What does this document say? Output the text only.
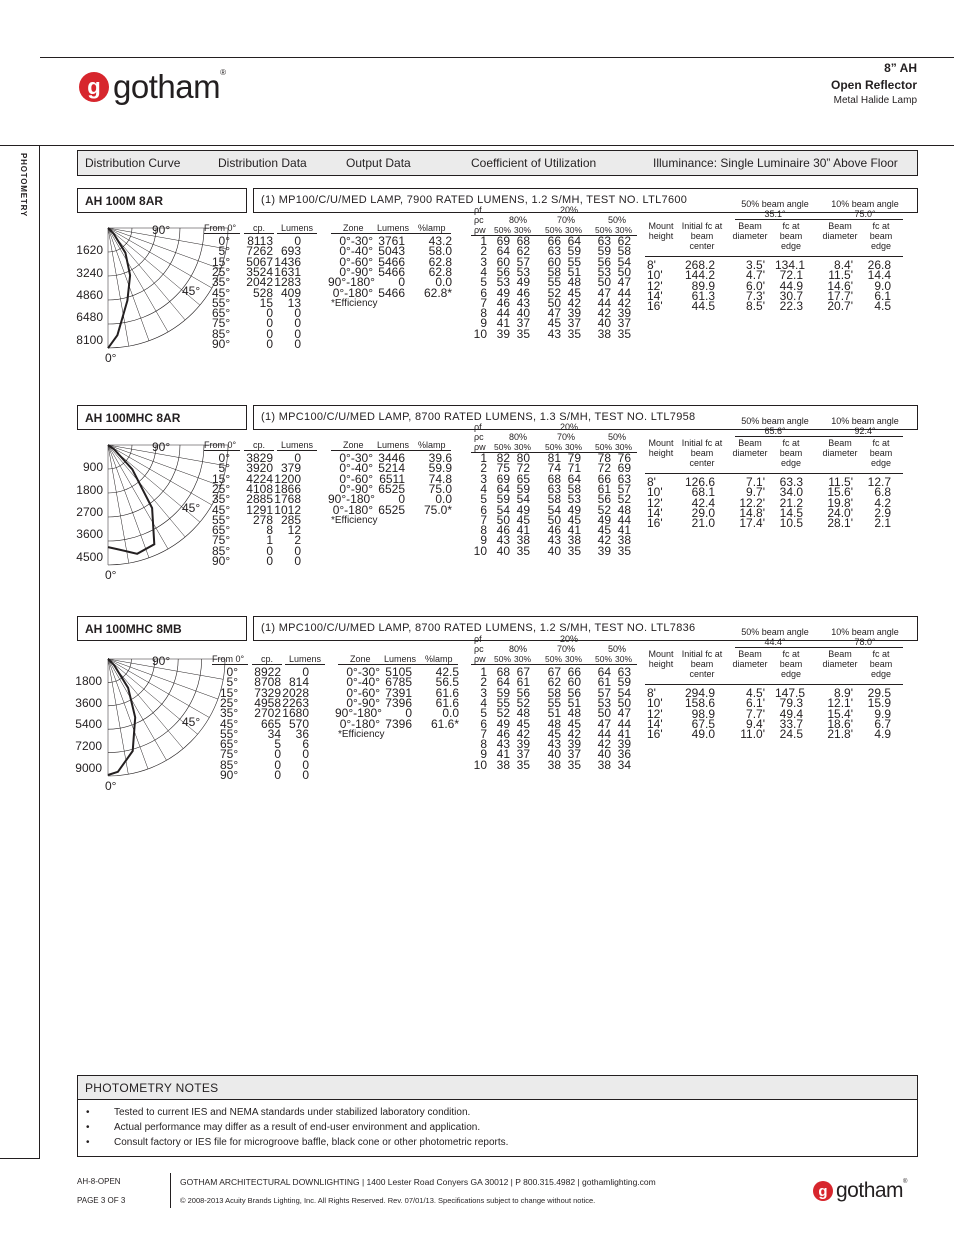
g gotham®	8” AH
Open Reflector
Metal Halide Lamp
PHOTOMETRY	Distribution Curve	Distribution Data	Output Data	Coefficient of Utilization	Illuminance: Single Luminaire 30” Above Floor
AH 100M 8AR	(1) MP100/C/U/MED LAMP, 7900 RATED LUMENS, 1.2 S/MH, TEST NO. LTL7600
1620
3240
4860
6480
8100
90°
45°
0°
From 0°	cp.	Lumens
0°	8113	0
5°	7262 693
15°	5067 1436
25°	3524 1631
35°	2042 1283
45°	528 409
55°	15	13
65°	0	0
75°	0	0
85°	0	0
90°	0	0
Zone Lumens %lamp
0°-30° 3761	43.2
0°-40° 5043	58.0
0°-60° 5466	62.8
0°-90° 5466	62.8
90°-180°	0	0.0
0°-180° 5466	62.8*
*Efficiency
ρf
ρc
ρw
20%
80%	70%	50%
50% 30% 50% 30% 50% 30%
1 69 68 66 64 63 62
2 64 62 63 59 59 58
3 60 57 60 55 56 54
4 56 53 58 51 53 50
5 53 49 55 48 50 47
6 49 46 52 45 47 44
7 46 43 50 42 44 42
8 44 40 47 39 42 39
9 41 37 45 37 40 37
10 39 35 43 35 38 35
50% beam angle 35.1°
10% beam angle 75.0°
Mount height
Initial fc at beam center
Beam diameter
fc at beam edge
Beam diameter
fc at beam edge
8'	268.2	3.5' 134.1	8.4'	26.8
10'	144.2	4.7'	72.1 11.5'	14.4
12'	89.9	6.0'	44.9 14.6'	9.0
14'	61.3	7.3'	30.7 17.7'	6.1
16'	44.5	8.5'	22.3 20.7'	4.5
AH 100MHC 8AR	(1) MPC100/C/U/MED LAMP, 8700 RATED LUMENS, 1.3 S/MH, TEST NO. LTL7958
900
1800
2700
3600
4500
90°
45°
0°
From 0°	cp.	Lumens
0°	3829	0
5°	3920 379
15°	4224 1200
25°	4108 1866
35°	2885 1768
45°	1291 1012
55°	278 285
65°	8	12
75°	1	2
85°	0	0
90°	0	0
Zone Lumens %lamp
0°-30° 3446	39.6
0°-40° 5214	59.9
0°-60° 6511	74.8
0°-90° 6525	75.0
90°-180°	0	0.0
0°-180° 6525	75.0*
*Efficiency
ρf
ρc
ρw
20%
80%	70%	50%
50% 30% 50% 30% 50% 30%
1 82 80 81 79 78 76
2 75 72 74 71 72 69
3 69 65 68 64 66 63
4 64 59 63 58 61 57
5 59 54 58 53 56 52
6 54 49 54 49 52 48
7 50 45 50 45 49 44
8 46 41 46 41 45 41
9 43 38 43 38 42 38
10 40 35 40 35 39 35
50% beam angle 65.6°
10% beam angle 92.4°
Mount height
Initial fc at beam center
Beam diameter
fc at beam edge
Beam diameter
fc at beam edge
8'	126.6	7.1'	63.3 11.5'	12.7
10'	68.1	9.7'	34.0 15.6'	6.8
12'	42.4 12.2'	21.2 19.8'	4.2
14'	29.0 14.8'	14.5 24.0'	2.9
16'	21.0 17.4'	10.5 28.1'	2.1
AH 100MHC 8MB	(1) MPC100/C/U/MED LAMP, 8700 RATED LUMENS, 1.2 S/MH, TEST NO. LTL7836
1800
3600
5400
7200
9000
90°
45°
0°
From 0°	cp.	Lumens
0°	8922	0
5°	8708 814
15°	7329 2028
25°	4958 2263
35°	2702 1680
45°	665 570
55°	34	36
65°	5	6
75°	0	0
85°	0	0
90°	0	0
Zone Lumens %lamp
0°-30° 5105	42.5
0°-40° 6785	56.5
0°-60° 7391	61.6
0°-90° 7396	61.6
90°-180°	0	0.0
0°-180° 7396	61.6*
*Efficiency
ρf
ρc
ρw
20%
80%	70%	50%
50% 30% 50% 30% 50% 30%
1 68 67 67 66 64 63
2 64 61 62 60 61 59
3 59 56 58 56 57 54
4 55 52 55 51 53 50
5 52 48 51 48 50 47
6 49 45 48 45 47 44
7 46 42 45 42 44 41
8 43 39 43 39 42 39
9 41 37 40 37 40 36
10 38 35 38 35 38 34
50% beam angle 44.4°
10% beam angle 78.0°
Mount height
Initial fc at beam center
Beam diameter
fc at beam edge
Beam diameter
fc at beam edge
8'	294.9	4.5' 147.5	8.9'	29.5
10'	158.6	6.1'	79.3 12.1'	15.9
12'	98.9	7.7'	49.4 15.4'	9.9
14'	67.5	9.4'	33.7 18.6'	6.7
16'	49.0 11.0'	24.5 21.8'	4.9
PHOTOMETRY NOTES
• Tested to current IES and NEMA standards under stabilized laboratory condition.
• Actual performance may differ as a result of end-user environment and application.
• Consult factory or IES file for microgroove baffle, black cone or other photometric reports.
AH-8-OPEN
PAGE 3 OF 3
GOTHAM ARCHITECTURAL DOWNLIGHTING | 1400 Lester Road Conyers GA 30012 | P 800.315.4982 | gothamlighting.com
© 2008-2013 Acuity Brands Lighting, Inc. All Rights Reserved. Rev. 07/01/13. Specifications subject to change without notice.
g gotham®
